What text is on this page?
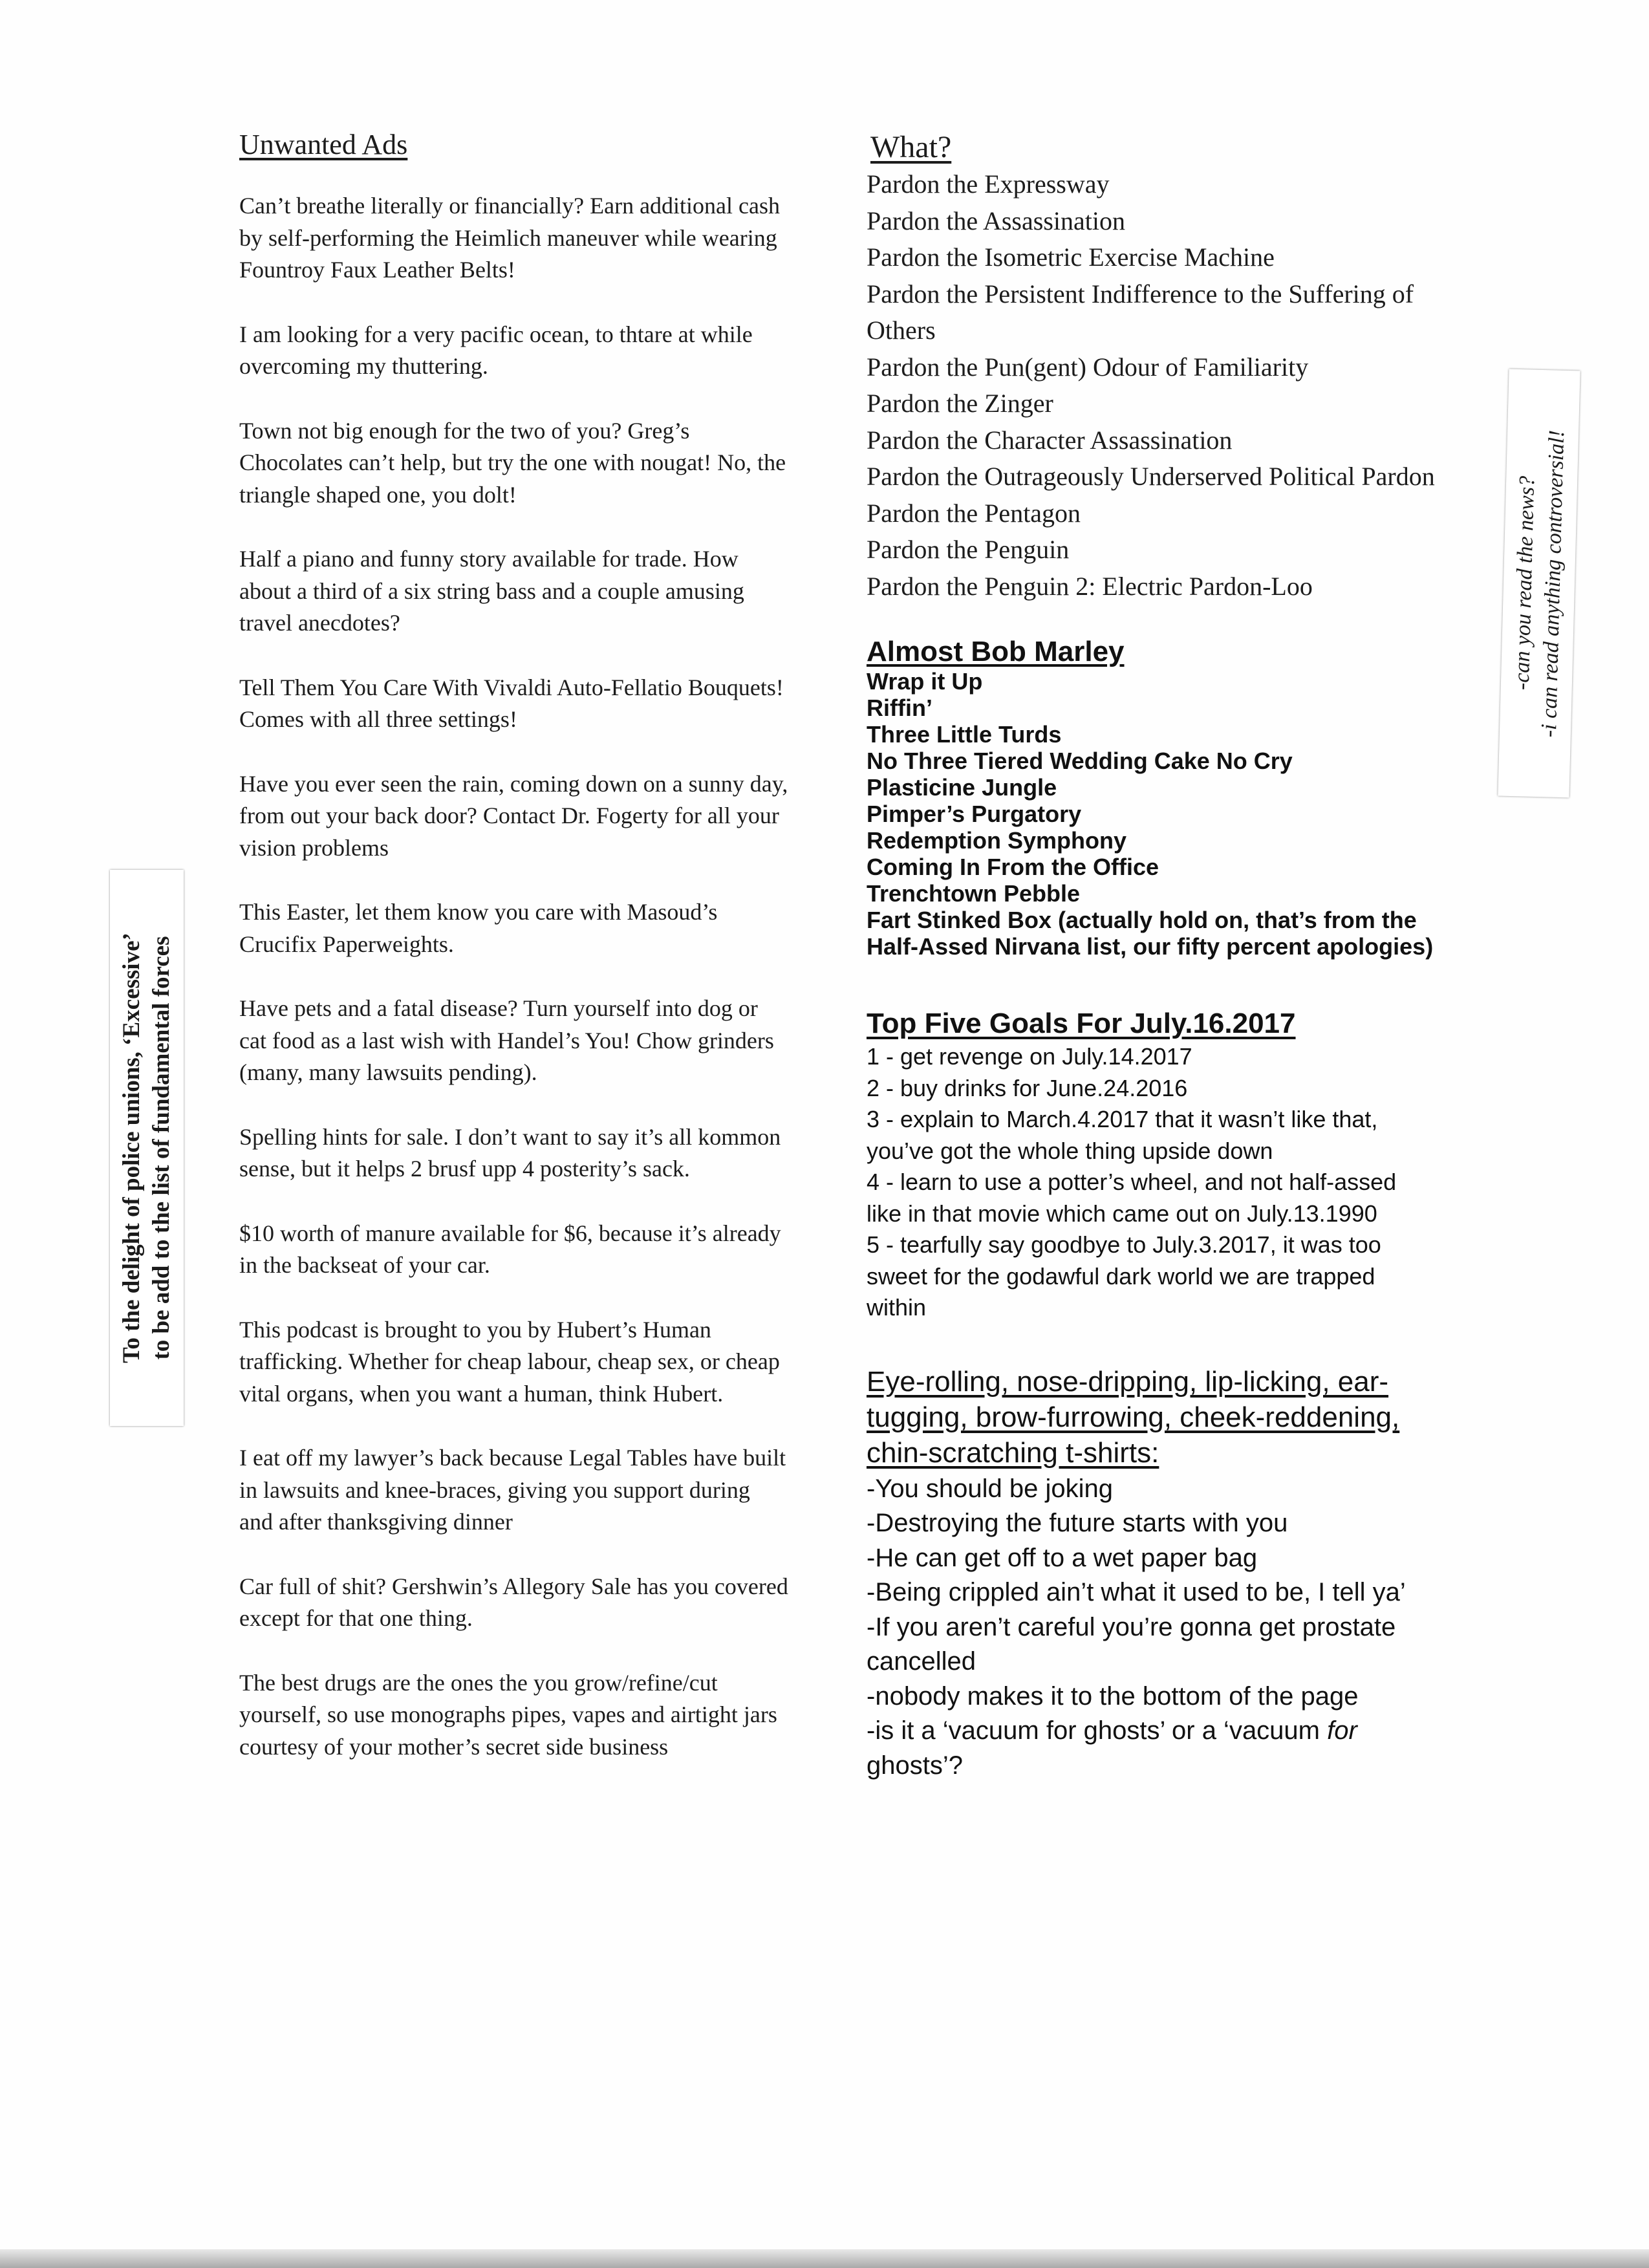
Unwanted Ads

Can’t breathe literally or financially? Earn additional cash by self-performing the Heimlich maneuver while wearing Fountroy Faux Leather Belts!

I am looking for a very pacific ocean, to thtare at while overcoming my thuttering.

Town not big enough for the two of you? Greg’s Chocolates can’t help, but try the one with nougat! No, the triangle shaped one, you dolt!

Half a piano and funny story available for trade. How about a third of a six string bass and a couple amusing travel anecdotes?

Tell Them You Care With Vivaldi Auto-Fellatio Bouquets! Comes with all three settings!

Have you ever seen the rain, coming down on a sunny day, from out your back door? Contact Dr. Fogerty for all your vision problems

This Easter, let them know you care with Masoud’s Crucifix Paperweights.

Have pets and a fatal disease? Turn yourself into dog or cat food as a last wish with Handel’s You! Chow grinders (many, many lawsuits pending).

Spelling hints for sale. I don’t want to say it’s all kommon sense, but it helps 2 brusf upp 4 posterity’s sack.

$10 worth of manure available for $6, because it’s already in the backseat of your car.

This podcast is brought to you by Hubert’s Human trafficking. Whether for cheap labour, cheap sex, or cheap vital organs, when you want a human, think Hubert.

I eat off my lawyer’s back because Legal Tables have built in lawsuits and knee-braces, giving you support during and after thanksgiving dinner

Car full of shit? Gershwin’s Allegory Sale has you covered except for that one thing.

The best drugs are the ones the you grow/refine/cut yourself, so use monographs pipes, vapes and airtight jars courtesy of your mother’s secret side business

What?
Pardon the Expressway
Pardon the Assassination
Pardon the Isometric Exercise Machine
Pardon the Persistent Indifference to the Suffering of Others
Pardon the Pun(gent) Odour of Familiarity
Pardon the Zinger
Pardon the Character Assassination
Pardon the Outrageously Underserved Political Pardon
Pardon the Pentagon
Pardon the Penguin
Pardon the Penguin 2: Electric Pardon-Loo
Almost Bob Marley
Wrap it Up
Riffin’
Three Little Turds
No Three Tiered Wedding Cake No Cry
Plasticine Jungle
Pimper’s Purgatory
Redemption Symphony
Coming In From the Office
Trenchtown Pebble
Fart Stinked Box (actually hold on, that’s from the Half-Assed Nirvana list, our fifty percent apologies)
Top Five Goals For July.16.2017
1 - get revenge on July.14.2017
2 - buy drinks for June.24.2016
3 - explain to March.4.2017 that it wasn’t like that, you’ve got the whole thing upside down
4 - learn to use a potter’s wheel, and not half-assed like in that movie which came out on July.13.1990
5 - tearfully say goodbye to July.3.2017, it was too sweet for the godawful dark world we are trapped within
Eye-rolling, nose-dripping, lip-licking, ear-tugging, brow-furrowing, cheek-reddening, chin-scratching t-shirts:
-You should be joking
-Destroying the future starts with you
-He can get off to a wet paper bag
-Being crippled ain’t what it used to be, I tell ya’
-If you aren’t careful you’re gonna get prostate cancelled
-nobody makes it to the bottom of the page
-is it a ‘vacuum for ghosts’ or a ‘vacuum for ghosts’?
To the delight of police unions, ‘Excessive’ to be add to the list of fundamental forces
-can you read the news?
-i can read anything controversial!
